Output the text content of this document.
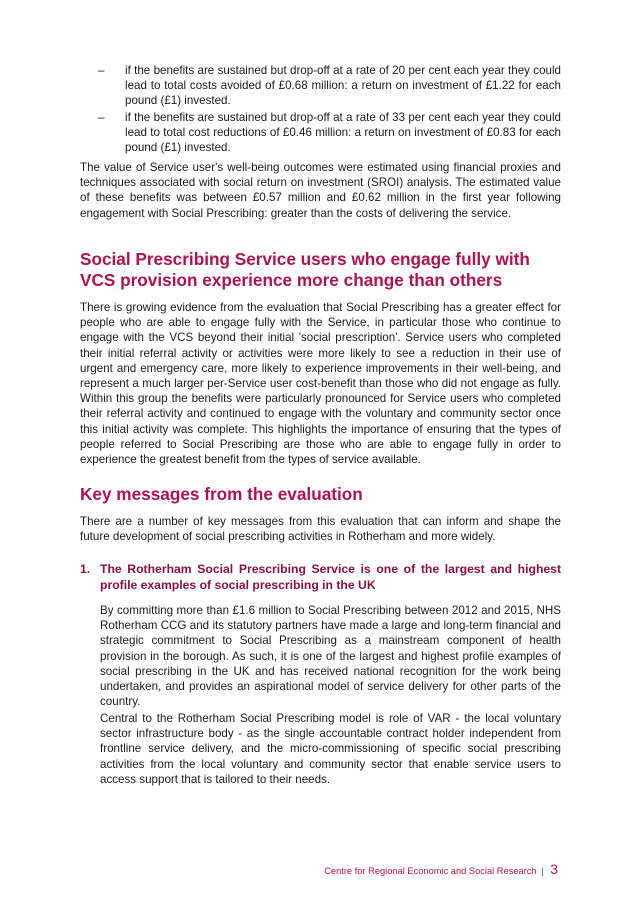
– if the benefits are sustained but drop-off at a rate of 20 per cent each year they could lead to total costs avoided of £0.68 million: a return on investment of £1.22 for each pound (£1) invested.
– if the benefits are sustained but drop-off at a rate of 33 per cent each year they could lead to total cost reductions of £0.46 million: a return on investment of £0.83 for each pound (£1) invested.

The value of Service user's well-being outcomes were estimated using financial proxies and techniques associated with social return on investment (SROI) analysis. The estimated value of these benefits was between £0.57 million and £0.62 million in the first year following engagement with Social Prescribing: greater than the costs of delivering the service.

Social Prescribing Service users who engage fully with VCS provision experience more change than others

There is growing evidence from the evaluation that Social Prescribing has a greater effect for people who are able to engage fully with the Service, in particular those who continue to engage with the VCS beyond their initial 'social prescription'. Service users who completed their initial referral activity or activities were more likely to see a reduction in their use of urgent and emergency care, more likely to experience improvements in their well-being, and represent a much larger per-Service user cost-benefit than those who did not engage as fully. Within this group the benefits were particularly pronounced for Service users who completed their referral activity and continued to engage with the voluntary and community sector once this initial activity was complete. This highlights the importance of ensuring that the types of people referred to Social Prescribing are those who are able to engage fully in order to experience the greatest benefit from the types of service available.

Key messages from the evaluation

There are a number of key messages from this evaluation that can inform and shape the future development of social prescribing activities in Rotherham and more widely.

1. The Rotherham Social Prescribing Service is one of the largest and highest profile examples of social prescribing in the UK

By committing more than £1.6 million to Social Prescribing between 2012 and 2015, NHS Rotherham CCG and its statutory partners have made a large and long-term financial and strategic commitment to Social Prescribing as a mainstream component of health provision in the borough. As such, it is one of the largest and highest profile examples of social prescribing in the UK and has received national recognition for the work being undertaken, and provides an aspirational model of service delivery for other parts of the country.

Central to the Rotherham Social Prescribing model is role of VAR - the local voluntary sector infrastructure body - as the single accountable contract holder independent from frontline service delivery, and the micro-commissioning of specific social prescribing activities from the local voluntary and community sector that enable service users to access support that is tailored to their needs.

Centre for Regional Economic and Social Research | 3
